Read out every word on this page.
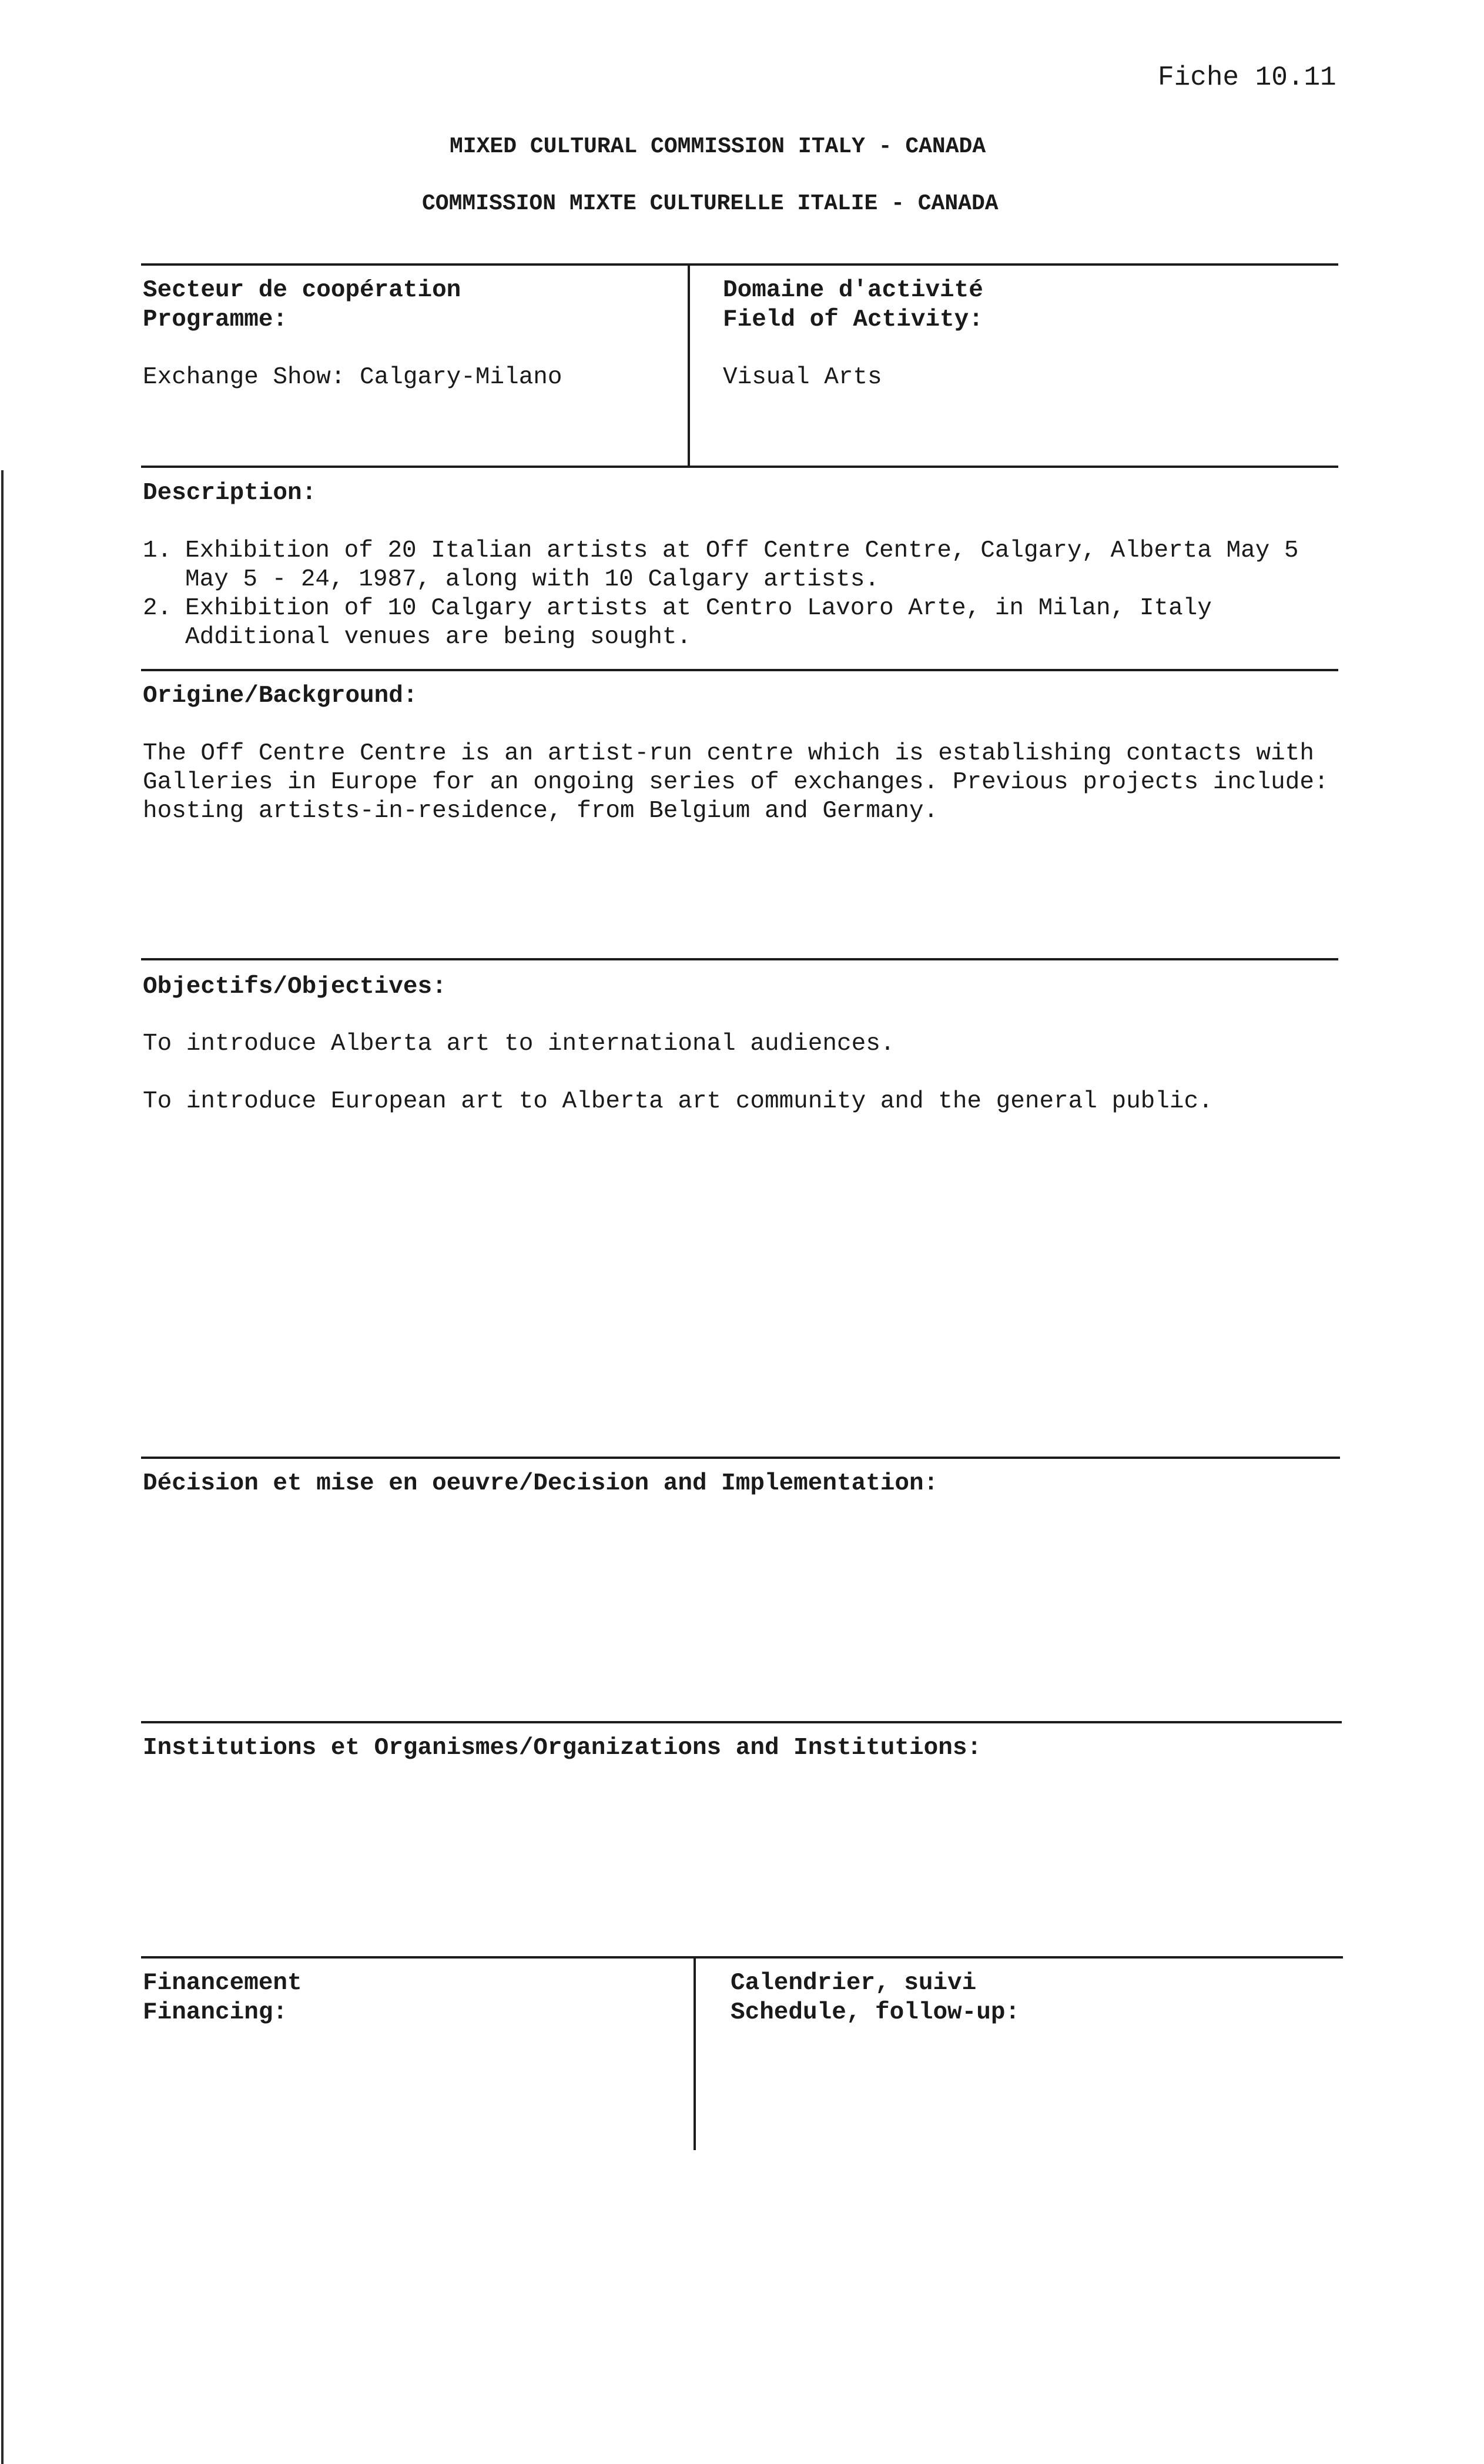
Fiche 10.11
MIXED CULTURAL COMMISSION ITALY - CANADA
COMMISSION MIXTE CULTURELLE ITALIE - CANADA
Secteur de coopération
Programme:
Exchange Show: Calgary-Milano
Domaine d'activité
Field of Activity:
Visual Arts
Description:
1. Exhibition of 20 Italian artists at Off Centre Centre, Calgary, Alberta May 5
May 5 - 24, 1987, along with 10 Calgary artists.
2. Exhibition of 10 Calgary artists at Centro Lavoro Arte, in Milan, Italy
Additional venues are being sought.
Origine/Background:
The Off Centre Centre is an artist-run centre which is establishing contacts with
Galleries in Europe for an ongoing series of exchanges. Previous projects include:
hosting artists-in-residence, from Belgium and Germany.
Objectifs/Objectives:
To introduce Alberta art to international audiences.
To introduce European art to Alberta art community and the general public.
Décision et mise en oeuvre/Decision and Implementation:
Institutions et Organismes/Organizations and Institutions:
Financement
Financing:
Calendrier, suivi
Schedule, follow-up:
